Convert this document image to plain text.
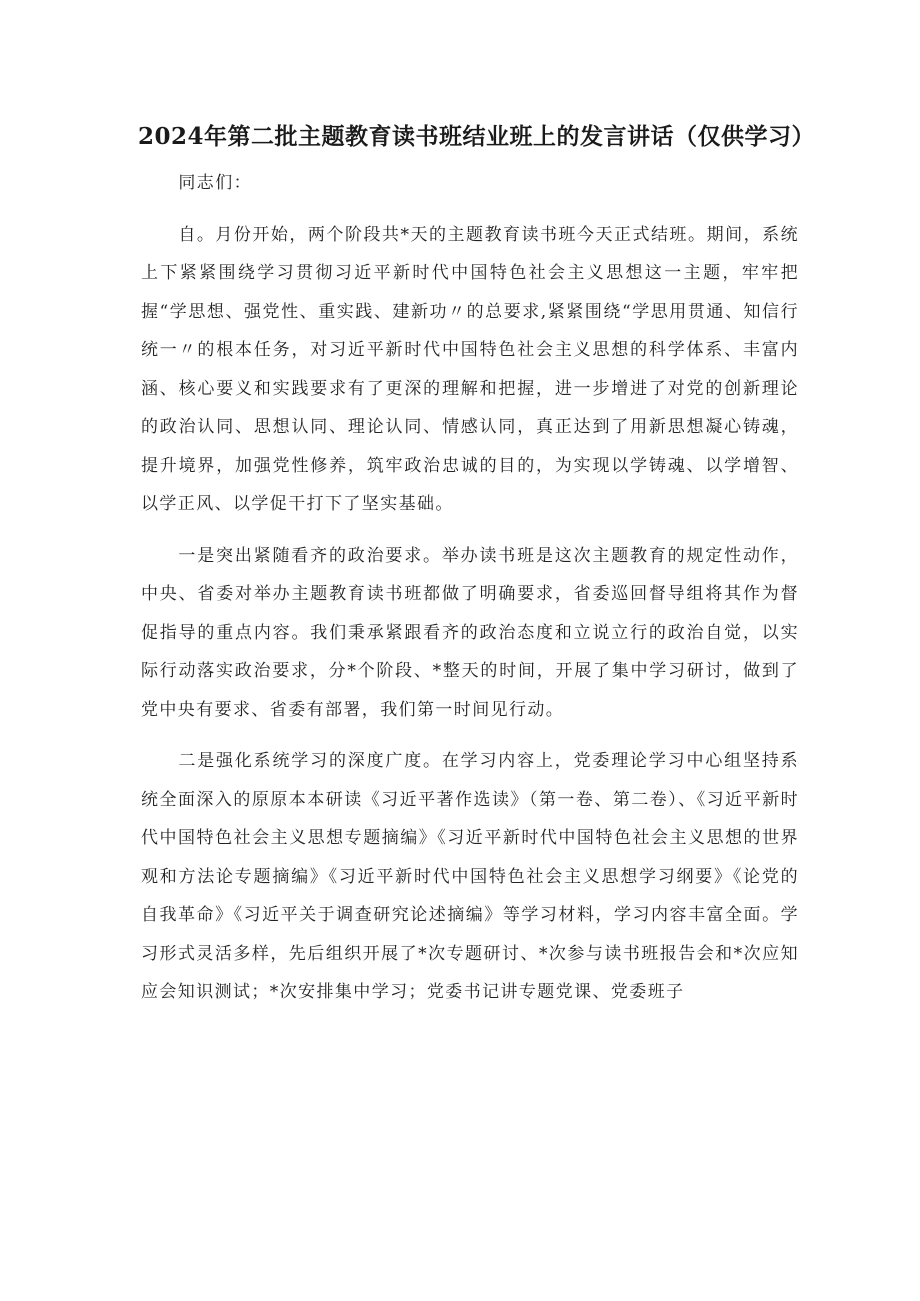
2024年第二批主题教育读书班结业班上的发言讲话（仅供学习）

同志们：

自。月份开始，两个阶段共*天的主题教育读书班今天正式结班。期间，系统上下紧紧围绕学习贯彻习近平新时代中国特色社会主义思想这一主题，牢牢把握“学思想、强党性、重实践、建新功〃的总要求,紧紧围绕“学思用贯通、知信行统一〃的根本任务，对习近平新时代中国特色社会主义思想的科学体系、丰富内涵、核心要义和实践要求有了更深的理解和把握，进一步增进了对党的创新理论的政治认同、思想认同、理论认同、情感认同，真正达到了用新思想凝心铸魂，提升境界，加强党性修养，筑牢政治忠诚的目的，为实现以学铸魂、以学增智、以学正风、以学促干打下了坚实基础。

一是突出紧随看齐的政治要求。举办读书班是这次主题教育的规定性动作，中央、省委对举办主题教育读书班都做了明确要求，省委巡回督导组将其作为督促指导的重点内容。我们秉承紧跟看齐的政治态度和立说立行的政治自觉，以实际行动落实政治要求，分*个阶段、*整天的时间，开展了集中学习研讨，做到了党中央有要求、省委有部署，我们第一时间见行动。

二是强化系统学习的深度广度。在学习内容上，党委理论学习中心组坚持系统全面深入的原原本本研读《习近平著作选读》（第一卷、第二卷）、《习近平新时代中国特色社会主义思想专题摘编》《习近平新时代中国特色社会主义思想的世界观和方法论专题摘编》《习近平新时代中国特色社会主义思想学习纲要》《论党的自我革命》《习近平关于调查研究论述摘编》等学习材料，学习内容丰富全面。学习形式灵活多样，先后组织开展了*次专题研讨、*次参与读书班报告会和*次应知应会知识测试；*次安排集中学习；党委书记讲专题党课、党委班子
